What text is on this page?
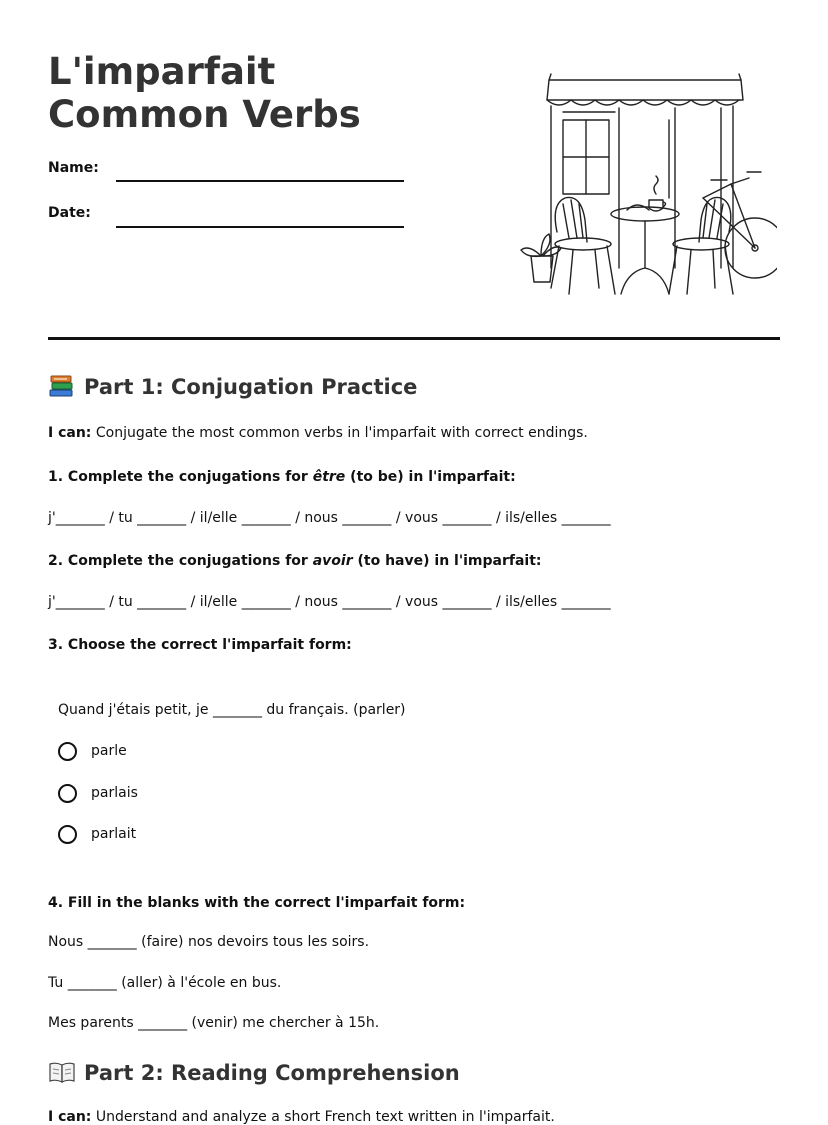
L'imparfait Common Verbs
Name:
Date:
Part 1: Conjugation Practice
I can: Conjugate the most common verbs in l'imparfait with correct endings.
1. Complete the conjugations for être (to be) in l'imparfait:
j'_______ / tu _______ / il/elle _______ / nous _______ / vous _______ / ils/elles _______
2. Complete the conjugations for avoir (to have) in l'imparfait:
j'_______ / tu _______ / il/elle _______ / nous _______ / vous _______ / ils/elles _______
3. Choose the correct l'imparfait form:
Quand j'étais petit, je _______ du français. (parler)
parle
parlais
parlait
4. Fill in the blanks with the correct l'imparfait form:
Nous _______ (faire) nos devoirs tous les soirs.
Tu _______ (aller) à l'école en bus.
Mes parents _______ (venir) me chercher à 15h.
Part 2: Reading Comprehension
I can: Understand and analyze a short French text written in l'imparfait.
